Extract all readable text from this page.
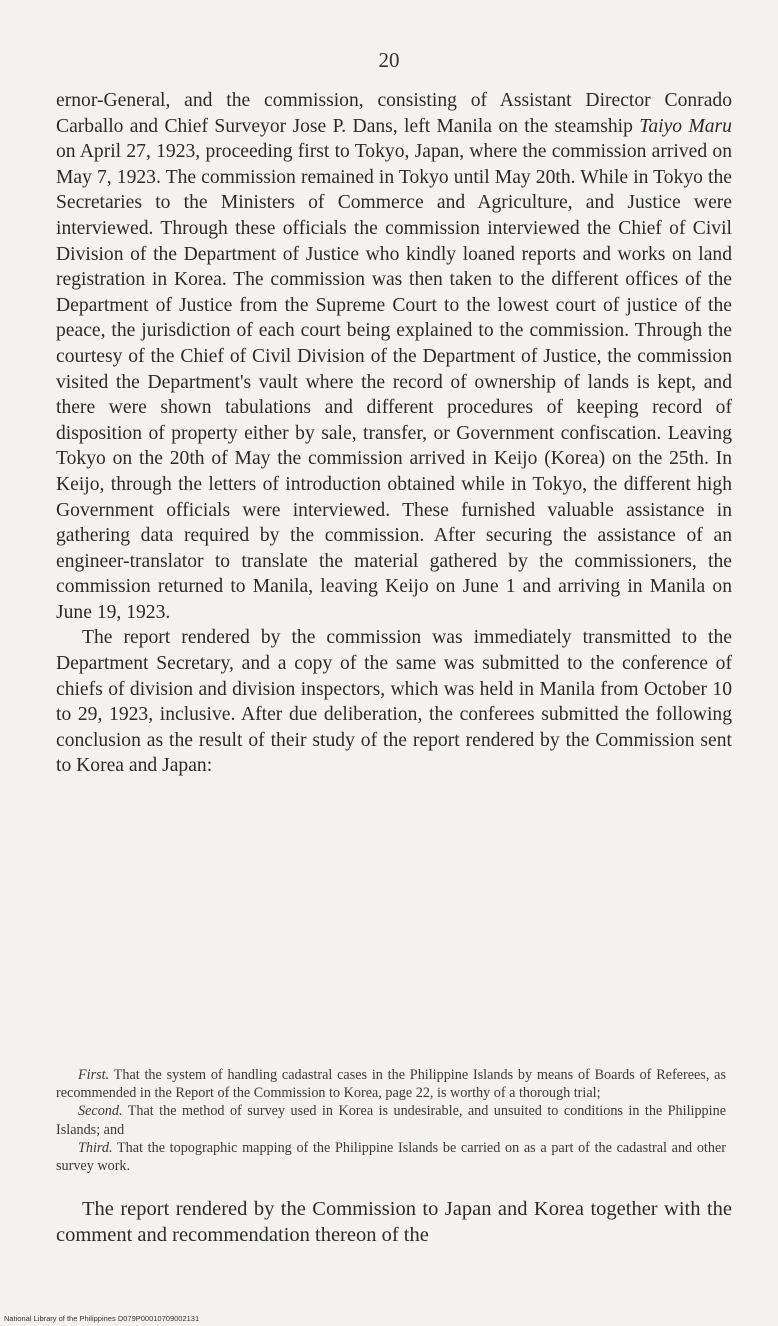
20

ernor-General, and the commission, consisting of Assistant Director Conrado Carballo and Chief Surveyor Jose P. Dans, left Manila on the steamship Taiyo Maru on April 27, 1923, proceeding first to Tokyo, Japan, where the commission arrived on May 7, 1923. The commission remained in Tokyo until May 20th. While in Tokyo the Secretaries to the Ministers of Commerce and Agriculture, and Justice were interviewed. Through these officials the commission interviewed the Chief of Civil Division of the Department of Justice who kindly loaned reports and works on land registration in Korea. The commission was then taken to the different offices of the Department of Justice from the Supreme Court to the lowest court of justice of the peace, the jurisdiction of each court being explained to the commission. Through the courtesy of the Chief of Civil Division of the Department of Justice, the commission visited the Department's vault where the record of ownership of lands is kept, and there were shown tabulations and different procedures of keeping record of disposition of property either by sale, transfer, or Government confiscation. Leaving Tokyo on the 20th of May the commission arrived in Keijo (Korea) on the 25th. In Keijo, through the letters of introduction obtained while in Tokyo, the different high Government officials were interviewed. These furnished valuable assistance in gathering data required by the commission. After securing the assistance of an engineer-translator to translate the material gathered by the commissioners, the commission returned to Manila, leaving Keijo on June 1 and arriving in Manila on June 19, 1923.

The report rendered by the commission was immediately transmitted to the Department Secretary, and a copy of the same was submitted to the conference of chiefs of division and division inspectors, which was held in Manila from October 10 to 29, 1923, inclusive. After due deliberation, the conferees submitted the following conclusion as the result of their study of the report rendered by the Commission sent to Korea and Japan:

First. That the system of handling cadastral cases in the Philippine Islands by means of Boards of Referees, as recommended in the Report of the Commission to Korea, page 22, is worthy of a thorough trial;

Second. That the method of survey used in Korea is undesirable, and unsuited to conditions in the Philippine Islands; and

Third. That the topographic mapping of the Philippine Islands be carried on as a part of the cadastral and other survey work.

The report rendered by the Commission to Japan and Korea together with the comment and recommendation thereon of the

National Library of the Philippines D079P00010709002131
